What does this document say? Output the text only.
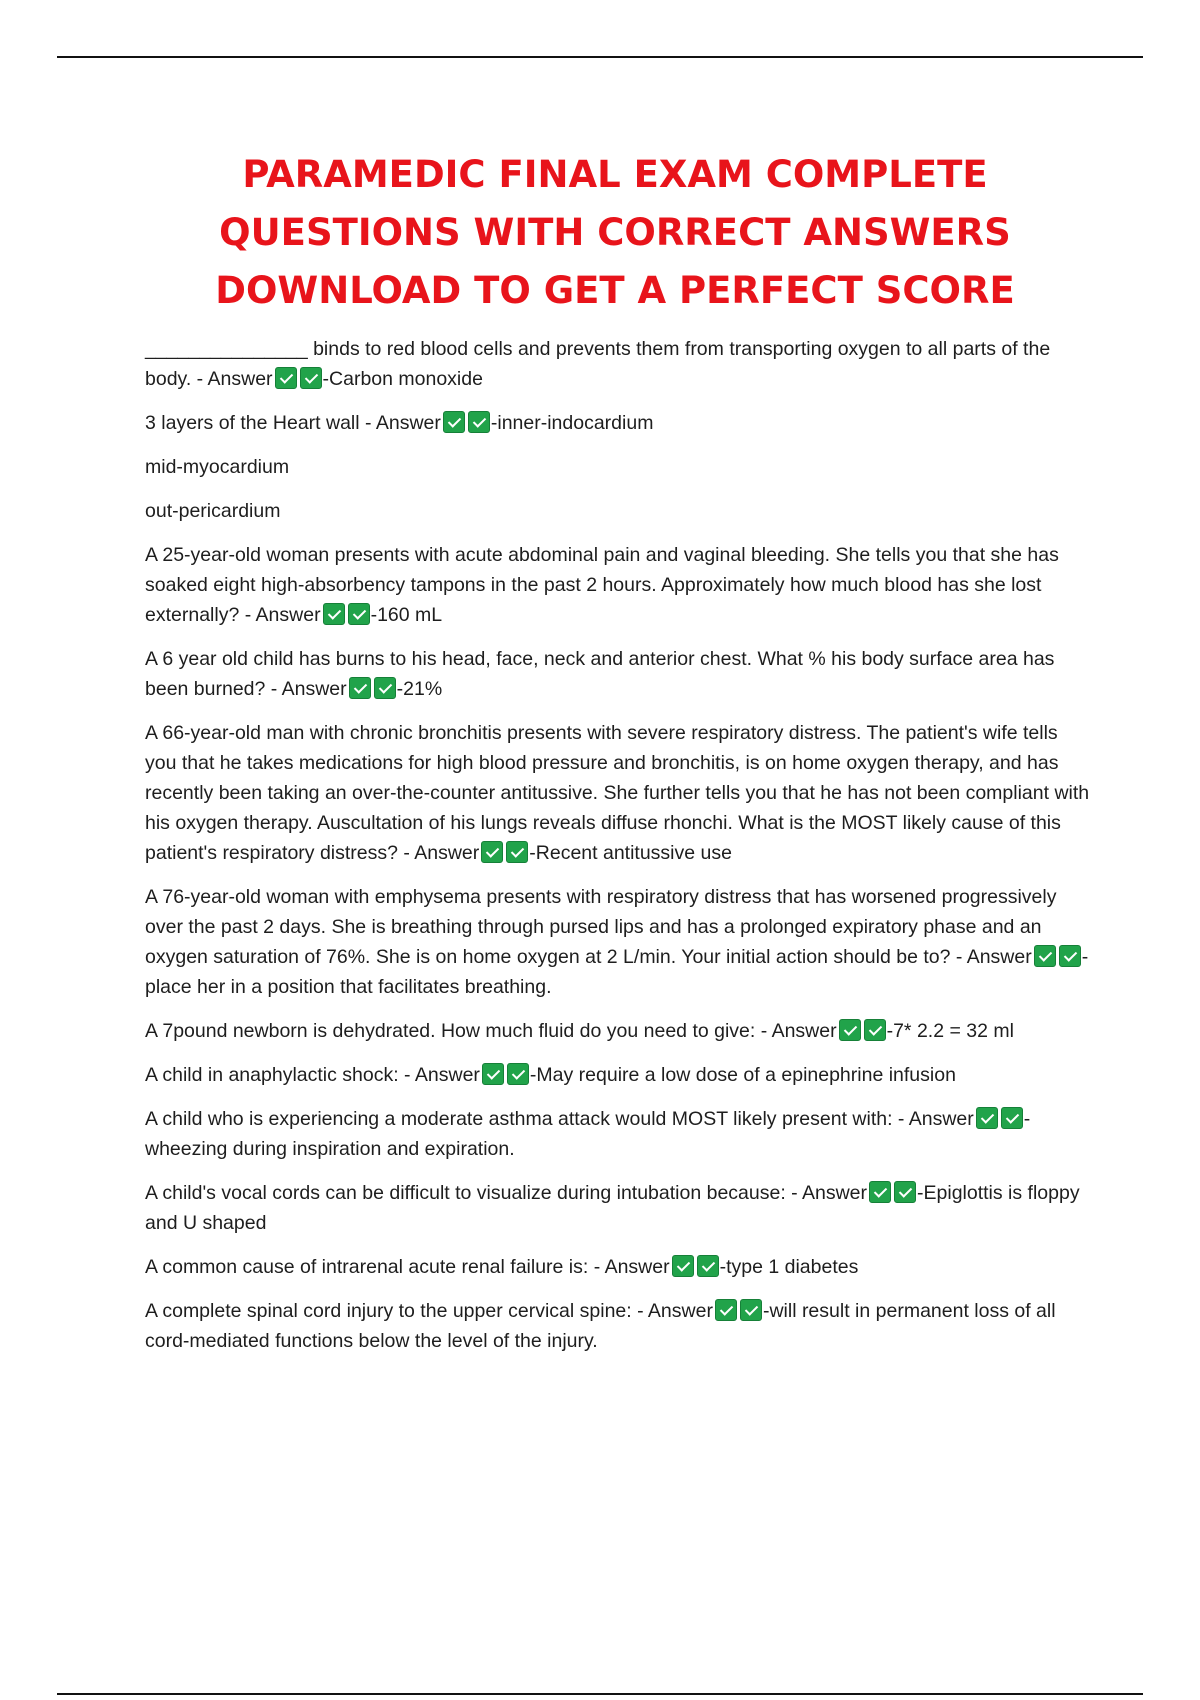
PARAMEDIC FINAL EXAM COMPLETE QUESTIONS WITH CORRECT ANSWERS DOWNLOAD TO GET A PERFECT SCORE

_______________ binds to red blood cells and prevents them from transporting oxygen to all parts of the body. - Answer	-Carbon monoxide

3 layers of the Heart wall - Answer	-inner-indocardium

mid-myocardium

out-pericardium

A 25-year-old woman presents with acute abdominal pain and vaginal bleeding. She tells you that she has soaked eight high-absorbency tampons in the past 2 hours. Approximately how much blood has she lost externally? - Answer	-160 mL

A 6 year old child has burns to his head, face, neck and anterior chest. What % his body surface area has been burned? - Answer	-21%

A 66-year-old man with chronic bronchitis presents with severe respiratory distress. The patient's wife tells you that he takes medications for high blood pressure and bronchitis, is on home oxygen therapy, and has recently been taking an over-the-counter antitussive. She further tells you that he has not been compliant with his oxygen therapy. Auscultation of his lungs reveals diffuse rhonchi. What is the MOST likely cause of this patient's respiratory distress? - Answer	-Recent antitussive use

A 76-year-old woman with emphysema presents with respiratory distress that has worsened progressively over the past 2 days. She is breathing through pursed lips and has a prolonged expiratory phase and an oxygen saturation of 76%. She is on home oxygen at 2 L/min. Your initial action should be to? - Answer	-place her in a position that facilitates breathing.

A 7pound newborn is dehydrated. How much fluid do you need to give: - Answer	-7* 2.2 = 32 ml

A child in anaphylactic shock: - Answer	-May require a low dose of a epinephrine infusion

A child who is experiencing a moderate asthma attack would MOST likely present with: - Answer	-wheezing during inspiration and expiration.

A child's vocal cords can be difficult to visualize during intubation because: - Answer	-Epiglottis is floppy and U shaped

A common cause of intrarenal acute renal failure is: - Answer	-type 1 diabetes

A complete spinal cord injury to the upper cervical spine: - Answer	-will result in permanent loss of all cord-mediated functions below the level of the injury.
